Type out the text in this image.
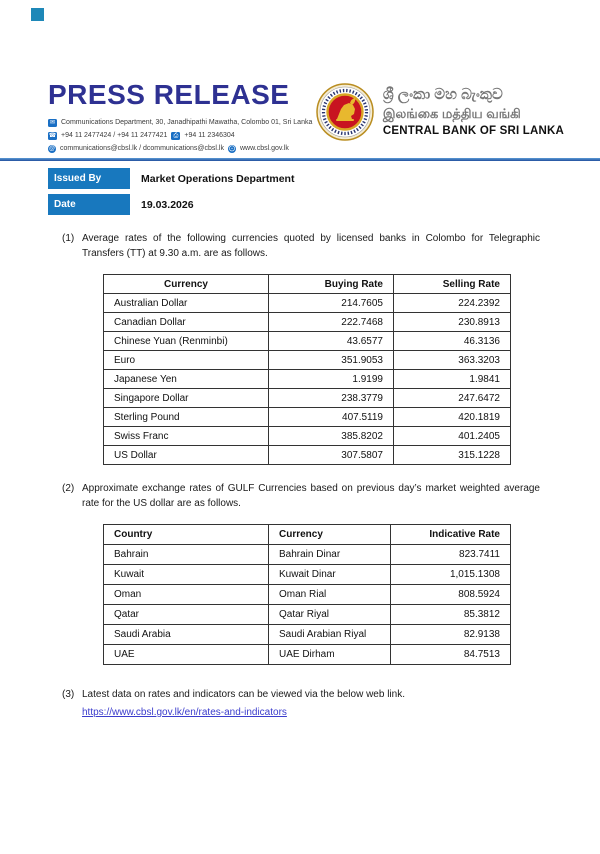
PRESS RELEASE
✉ Communications Department, 30, Janadhipathi Mawatha, Colombo 01, Sri Lanka
☎ +94 11 2477424 / +94 11 2477421	⎙ +94 11 2346304
@ communications@cbsl.lk / dcommunications@cbsl.lk ⨀ www.cbsl.gov.lk
ශ්‍රී ලංකා මහ බැංකුව
இலங்கை மத்திய வங்கி
CENTRAL BANK OF SRI LANKA
Issued By	Market Operations Department
Date	19.03.2026
(1) Average rates of the following currencies quoted by licensed banks in Colombo for Telegraphic Transfers (TT) at 9.30 a.m. are as follows.
Currency	Buying Rate	Selling Rate
Australian Dollar	214.7605	224.2392
Canadian Dollar	222.7468	230.8913
Chinese Yuan (Renminbi)	43.6577	46.3136
Euro	351.9053	363.3203
Japanese Yen	1.9199	1.9841
Singapore Dollar	238.3779	247.6472
Sterling Pound	407.5119	420.1819
Swiss Franc	385.8202	401.2405
US Dollar	307.5807	315.1228
(2) Approximate exchange rates of GULF Currencies based on previous day’s market weighted average rate for the US dollar are as follows.
Country	Currency	Indicative Rate
Bahrain	Bahrain Dinar	823.7411
Kuwait	Kuwait Dinar	1,015.1308
Oman	Oman Rial	808.5924
Qatar	Qatar Riyal	85.3812
Saudi Arabia	Saudi Arabian Riyal	82.9138
UAE	UAE Dirham	84.7513
(3) Latest data on rates and indicators can be viewed via the below web link.
https://www.cbsl.gov.lk/en/rates-and-indicators
